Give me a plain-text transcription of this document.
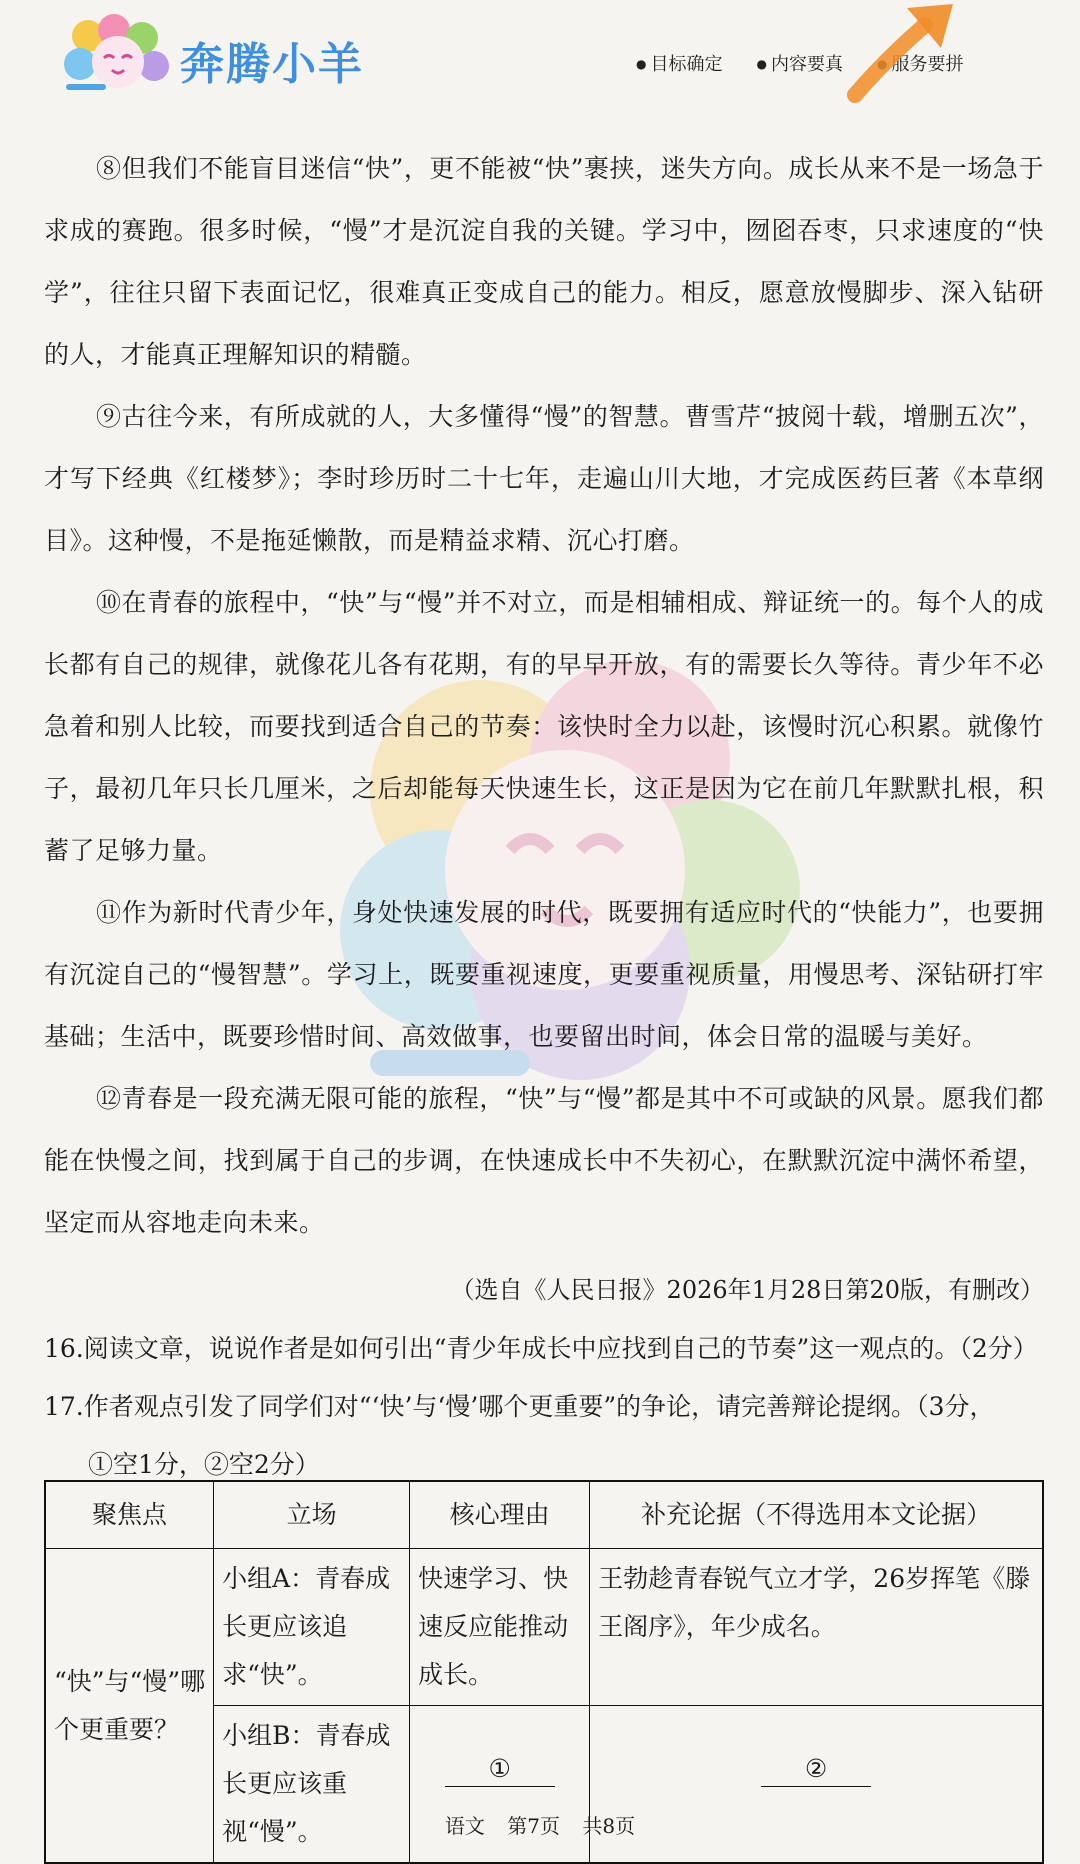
奔腾小羊	● 目标确定	● 内容要真	● 服务要拼

⑧但我们不能盲目迷信“快”，更不能被“快”裹挟，迷失方向。成长从来不是一场急于求成的赛跑。很多时候，“慢”才是沉淀自我的关键。学习中，囫囵吞枣，只求速度的“快学”，往往只留下表面记忆，很难真正变成自己的能力。相反，愿意放慢脚步、深入钻研的人，才能真正理解知识的精髓。

⑨古往今来，有所成就的人，大多懂得“慢”的智慧。曹雪芹“披阅十载，增删五次”，才写下经典《红楼梦》；李时珍历时二十七年，走遍山川大地，才完成医药巨著《本草纲目》。这种慢，不是拖延懒散，而是精益求精、沉心打磨。

⑩在青春的旅程中，“快”与“慢”并不对立，而是相辅相成、辩证统一的。每个人的成长都有自己的规律，就像花儿各有花期，有的早早开放，有的需要长久等待。青少年不必急着和别人比较，而要找到适合自己的节奏：该快时全力以赴，该慢时沉心积累。就像竹子，最初几年只长几厘米，之后却能每天快速生长，这正是因为它在前几年默默扎根，积蓄了足够力量。

⑪作为新时代青少年，身处快速发展的时代，既要拥有适应时代的“快能力”，也要拥有沉淀自己的“慢智慧”。学习上，既要重视速度，更要重视质量，用慢思考、深钻研打牢基础；生活中，既要珍惜时间、高效做事，也要留出时间，体会日常的温暖与美好。

⑫青春是一段充满无限可能的旅程，“快”与“慢”都是其中不可或缺的风景。愿我们都能在快慢之间，找到属于自己的步调，在快速成长中不失初心，在默默沉淀中满怀希望，坚定而从容地走向未来。

（选自《人民日报》2026年1月28日第20版，有删改）

16.阅读文章，说说作者是如何引出“青少年成长中应找到自己的节奏”这一观点的。（2分）

17.作者观点引发了同学们对“‘快’与‘慢’哪个更重要”的争论，请完善辩论提纲。（3分，

①空1分，②空2分）

聚焦点	立场	核心理由	补充论据（不得选用本文论据）
“快”与“慢”哪个更重要？	小组A：青春成长更应该追求“快”。	快速学习、快速反应能推动成长。	王勃趁青春锐气立才学，26岁挥笔《滕王阁序》，年少成名。
	小组B：青春成长更应该重视“慢”。	①	②
语文 第7页 共8页
